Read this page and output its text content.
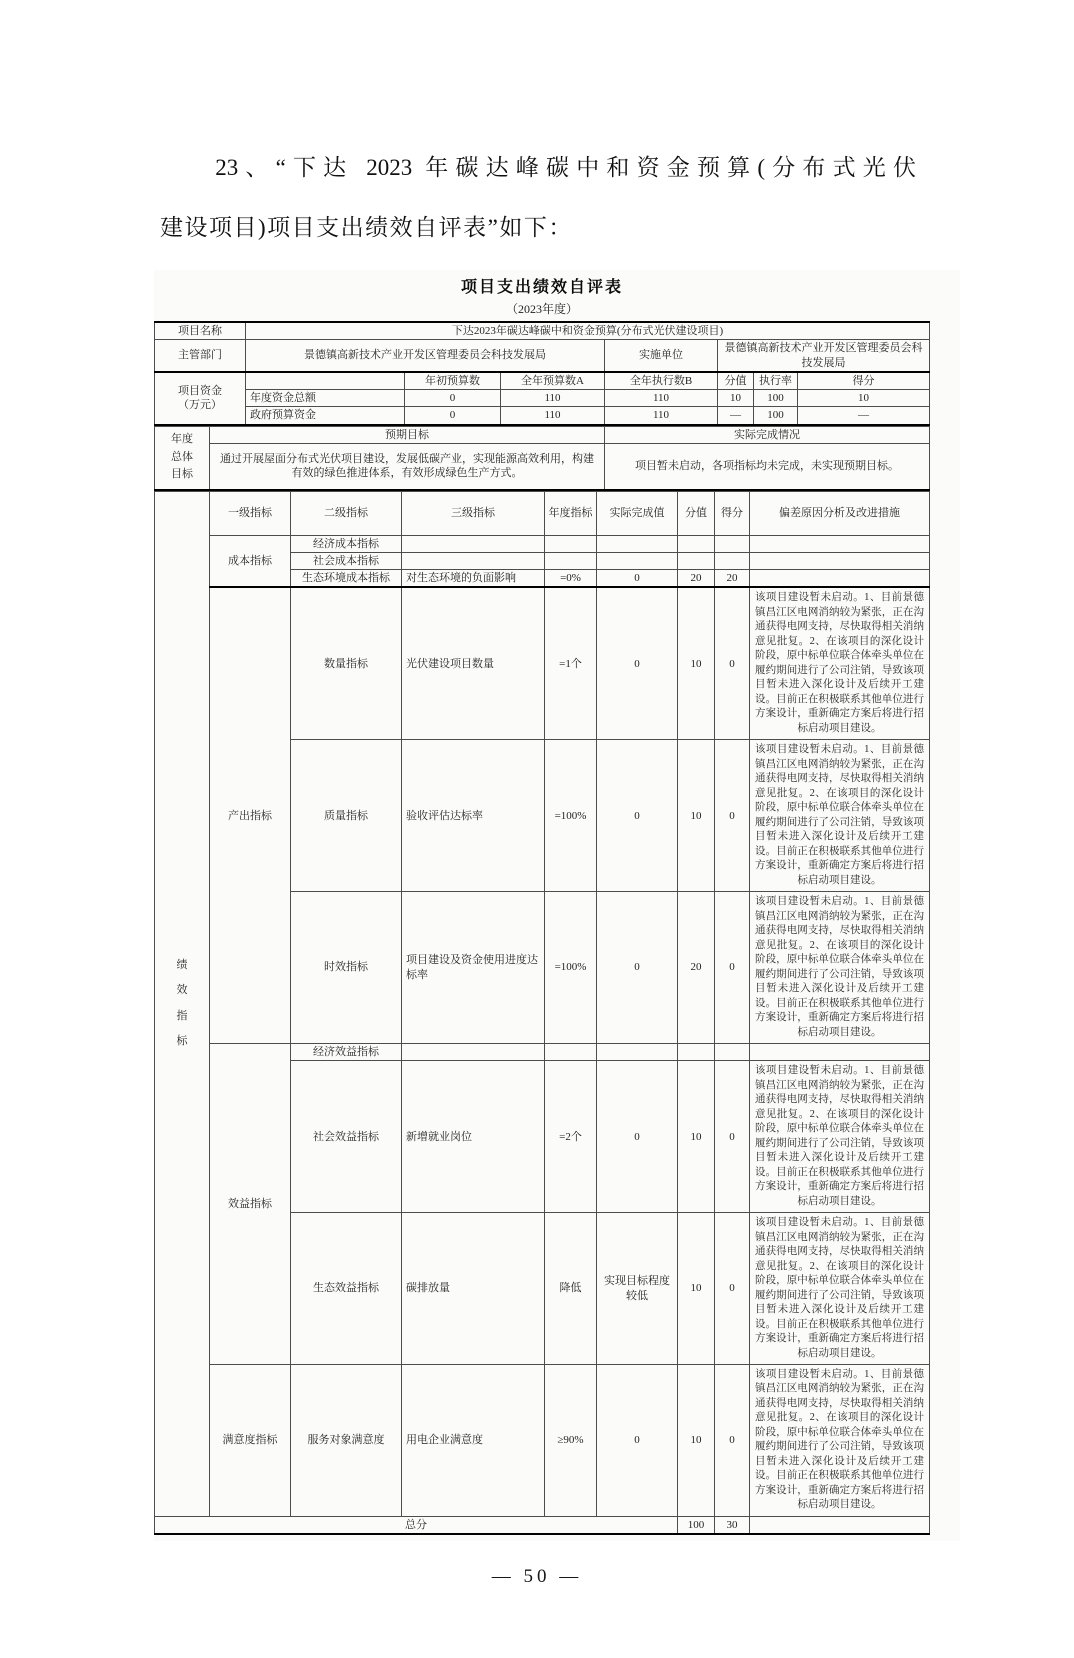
23、“下达 2023 年碳达峰碳中和资金预算(分布式光伏
建设项目)项目支出绩效自评表”如下：
项目支出绩效自评表
（2023年度）
项目名称	下达2023年碳达峰碳中和资金预算(分布式光伏建设项目)						
主管部门	景德镇高新技术产业开发区管理委员会科技发展局			实施单位	景德镇高新技术产业开发区管理委员会科技发展局		

项目资金
（万元）		年初预算数	全年预算数A	全年执行数B	分值	执行率	得分
	年度资金总额	0	110	110	10	100	10
	政府预算资金	0	110	110	—	100	—
年度总体目标	预期目标	实际完成情况
	通过开展屋面分布式光伏项目建设，发展低碳产业，实现能源高效利用，构建有效的绿色推进体系，有效形成绿色生产方式。	项目暂未启动，各项指标均未完成，未实现预期目标。
绩效指标	一级指标	二级指标	三级指标	年度指标	实际完成值	分值	得分	偏差原因分析及改进措施
	成本指标	经济成本指标						
		社会成本指标						
		生态环境成本指标	对生态环境的负面影响	=0%	0	20	20	
	产出指标	数量指标	光伏建设项目数量	=1个	0	10	0	该项目建设暂未启动。1、目前景德镇昌江区电网消纳较为紧张，正在沟通获得电网支持，尽快取得相关消纳意见批复。2、在该项目的深化设计阶段，原中标单位联合体牵头单位在履约期间进行了公司注销，导致该项目暂未进入深化设计及后续开工建设。目前正在积极联系其他单位进行方案设计，重新确定方案后将进行招标启动项目建设。
		质量指标	验收评估达标率	=100%	0	10	0	该项目建设暂未启动。1、目前景德镇昌江区电网消纳较为紧张，正在沟通获得电网支持，尽快取得相关消纳意见批复。2、在该项目的深化设计阶段，原中标单位联合体牵头单位在履约期间进行了公司注销，导致该项目暂未进入深化设计及后续开工建设。目前正在积极联系其他单位进行方案设计，重新确定方案后将进行招标启动项目建设。
		时效指标	项目建设及资金使用进度达标率	=100%	0	20	0	该项目建设暂未启动。1、目前景德镇昌江区电网消纳较为紧张，正在沟通获得电网支持，尽快取得相关消纳意见批复。2、在该项目的深化设计阶段，原中标单位联合体牵头单位在履约期间进行了公司注销，导致该项目暂未进入深化设计及后续开工建设。目前正在积极联系其他单位进行方案设计，重新确定方案后将进行招标启动项目建设。
	效益指标	经济效益指标						
		社会效益指标	新增就业岗位	=2个	0	10	0	该项目建设暂未启动。1、目前景德镇昌江区电网消纳较为紧张，正在沟通获得电网支持，尽快取得相关消纳意见批复。2、在该项目的深化设计阶段，原中标单位联合体牵头单位在履约期间进行了公司注销，导致该项目暂未进入深化设计及后续开工建设。目前正在积极联系其他单位进行方案设计，重新确定方案后将进行招标启动项目建设。
		生态效益指标	碳排放量	降低	实现目标程度较低	10	0	该项目建设暂未启动。1、目前景德镇昌江区电网消纳较为紧张，正在沟通获得电网支持，尽快取得相关消纳意见批复。2、在该项目的深化设计阶段，原中标单位联合体牵头单位在履约期间进行了公司注销，导致该项目暂未进入深化设计及后续开工建设。目前正在积极联系其他单位进行方案设计，重新确定方案后将进行招标启动项目建设。
	满意度指标	服务对象满意度	用电企业满意度	≥90%	0	10	0	该项目建设暂未启动。1、目前景德镇昌江区电网消纳较为紧张，正在沟通获得电网支持，尽快取得相关消纳意见批复。2、在该项目的深化设计阶段，原中标单位联合体牵头单位在履约期间进行了公司注销，导致该项目暂未进入深化设计及后续开工建设。目前正在积极联系其他单位进行方案设计，重新确定方案后将进行招标启动项目建设。
总分						100	30	
— 50 —
